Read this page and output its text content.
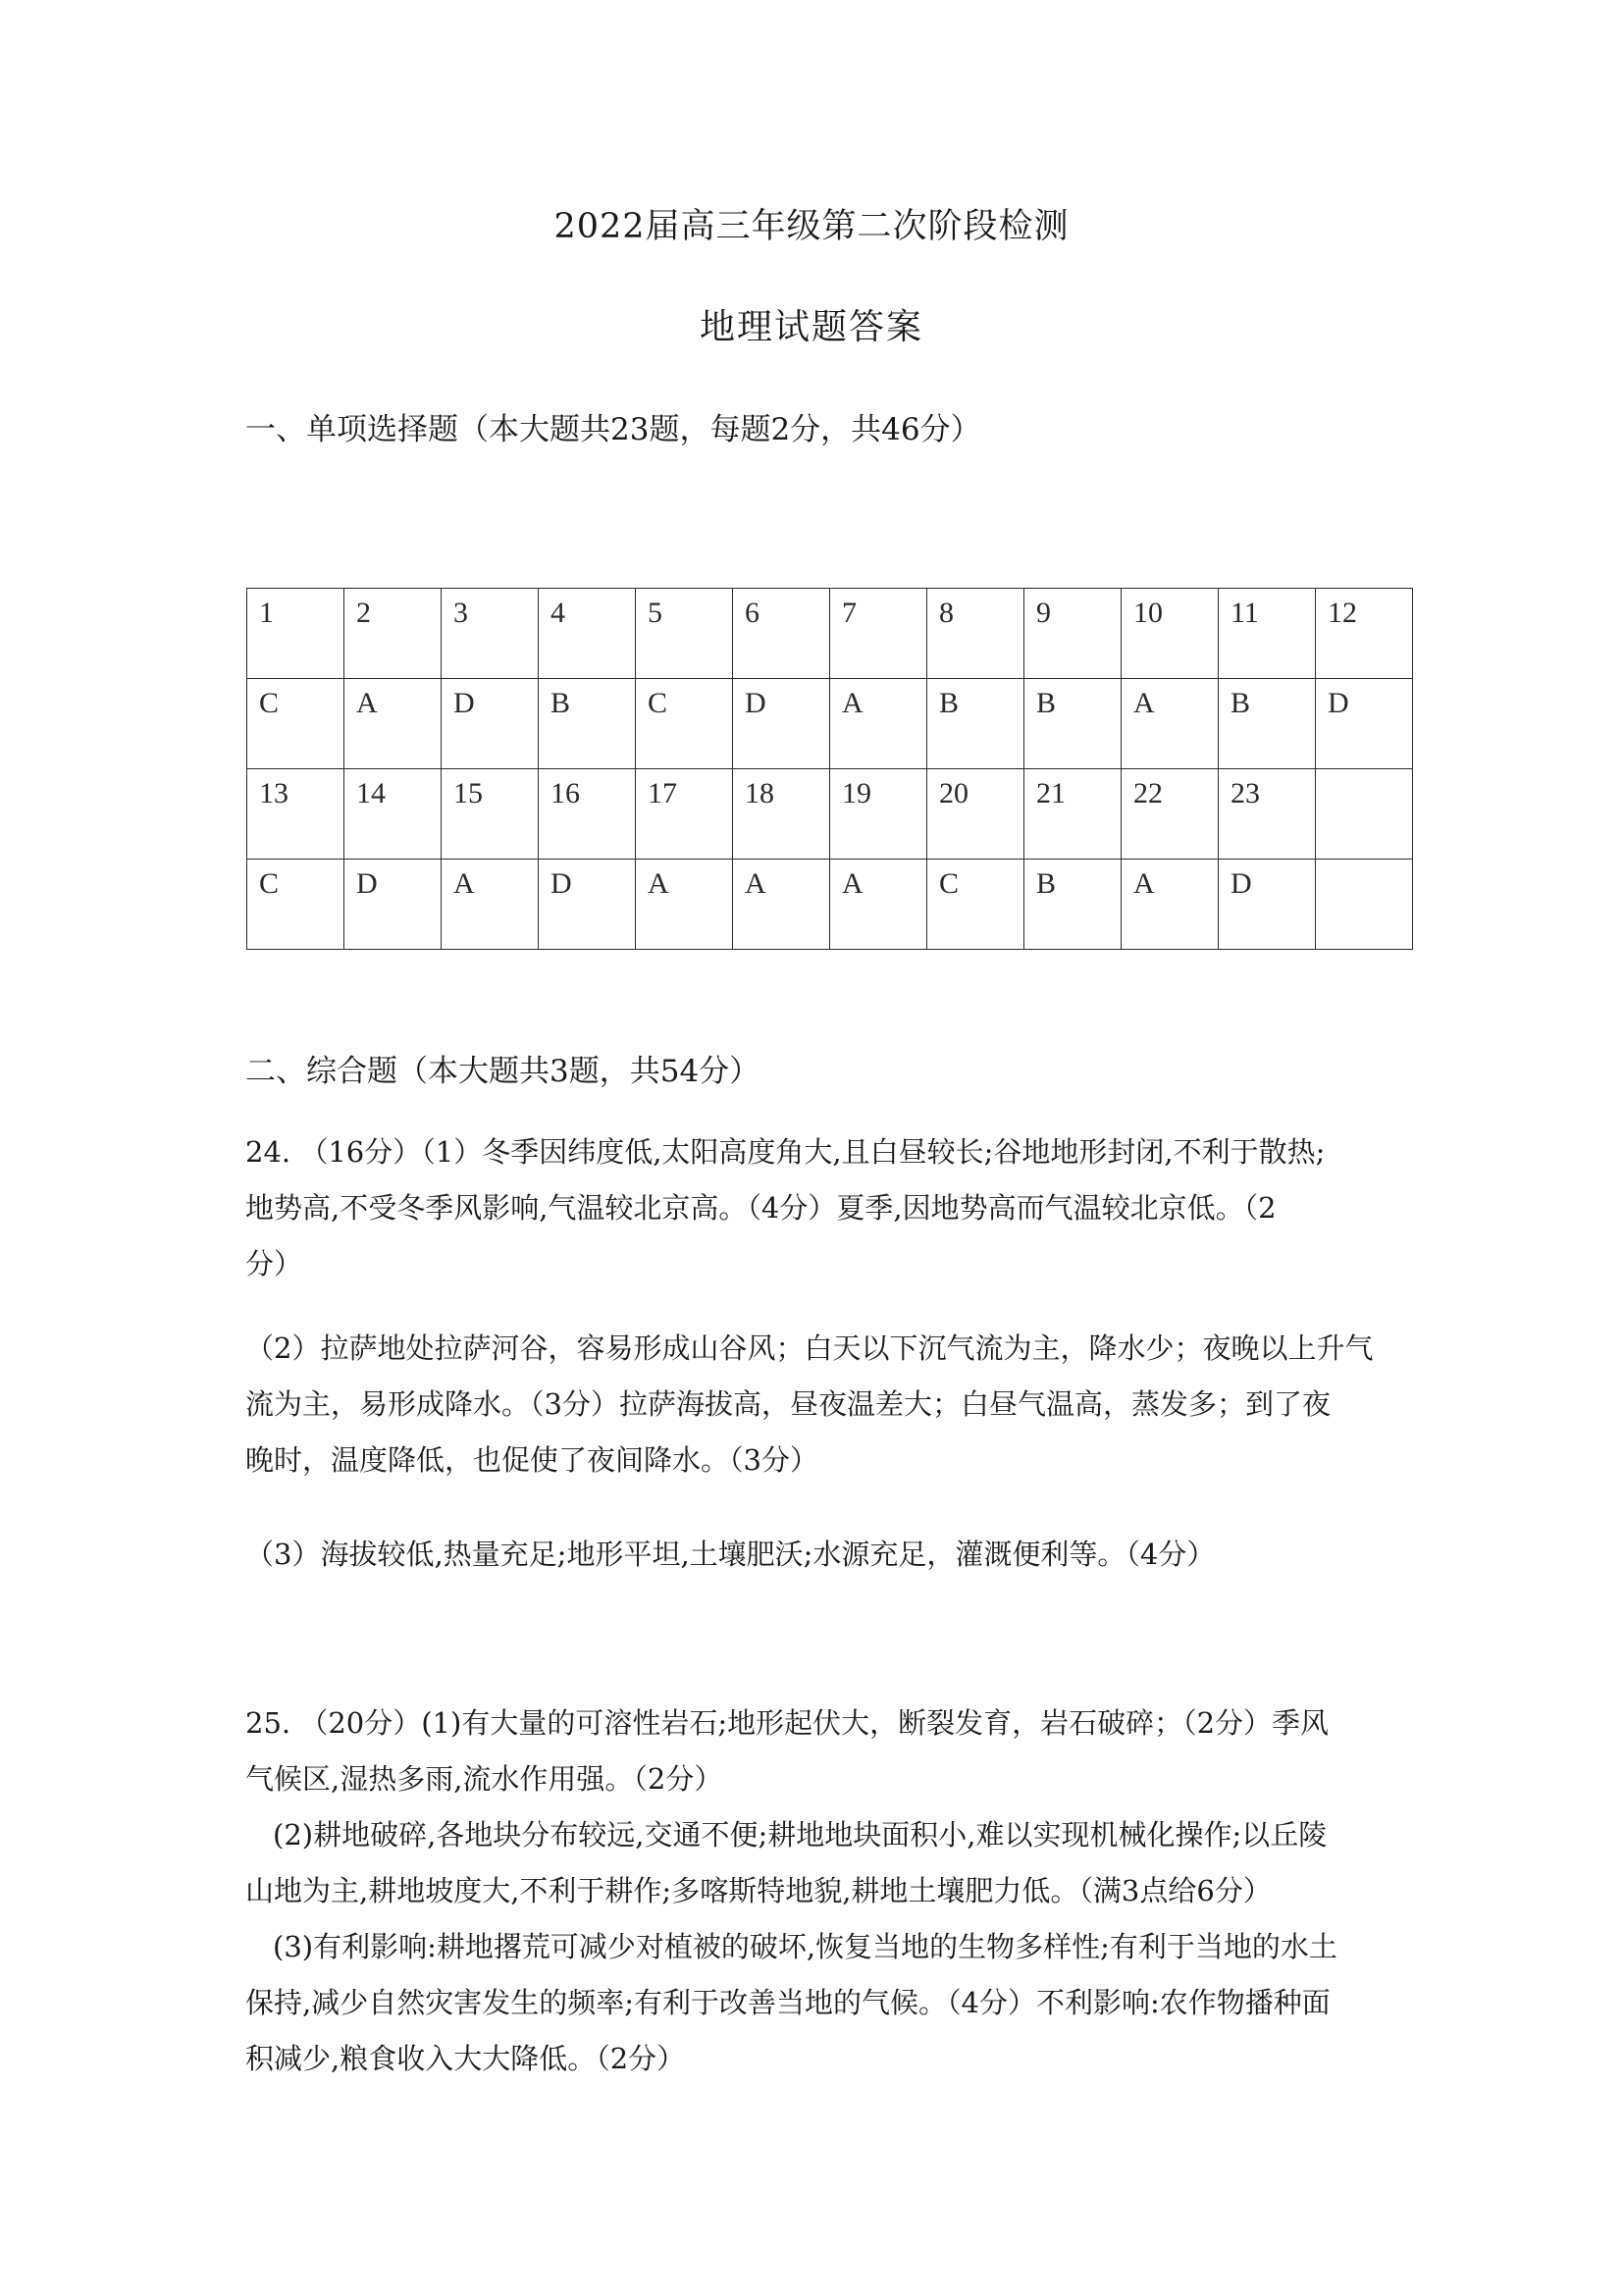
2022届高三年级第二次阶段检测
地理试题答案
一、单项选择题（本大题共23题，每题2分，共46分）
1	2	3	4	5	6	7	8	9	10	11	12
C	A	D	B	C	D	A	B	B	A	B	D
13	14	15	16	17	18	19	20	21	22	23	
C	D	A	D	A	A	A	C	B	A	D	
二、综合题（本大题共3题，共54分）
24. （16分）（1）冬季因纬度低,太阳高度角大,且白昼较长;谷地地形封闭,不利于散热;
地势高,不受冬季风影响,气温较北京高。（4分）夏季,因地势高而气温较北京低。（2
分）
（2）拉萨地处拉萨河谷，容易形成山谷风；白天以下沉气流为主，降水少；夜晚以上升气
流为主，易形成降水。（3分）拉萨海拔高，昼夜温差大；白昼气温高，蒸发多；到了夜
晚时，温度降低，也促使了夜间降水。（3分）
（3）海拔较低,热量充足;地形平坦,土壤肥沃;水源充足，灌溉便利等。（4分）
25. （20分）(1)有大量的可溶性岩石;地形起伏大，断裂发育，岩石破碎；（2分）季风
气候区,湿热多雨,流水作用强。（2分）
(2)耕地破碎,各地块分布较远,交通不便;耕地地块面积小,难以实现机械化操作;以丘陵
山地为主,耕地坡度大,不利于耕作;多喀斯特地貌,耕地土壤肥力低。（满3点给6分）
(3)有利影响:耕地撂荒可减少对植被的破坏,恢复当地的生物多样性;有利于当地的水土
保持,减少自然灾害发生的频率;有利于改善当地的气候。（4分）不利影响:农作物播种面
积减少,粮食收入大大降低。（2分）
